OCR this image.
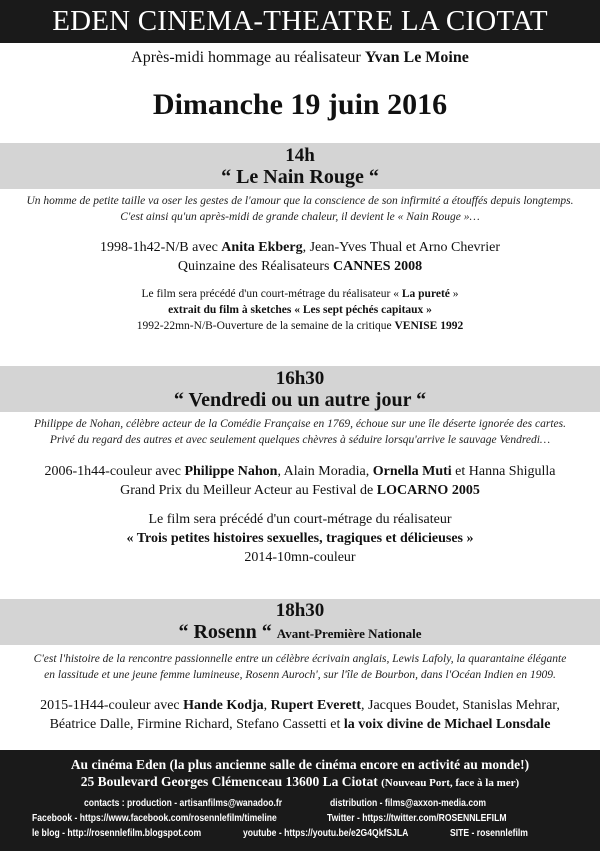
EDEN CINEMA-THEATRE LA CIOTAT
Après-midi hommage au réalisateur Yvan Le Moine
Dimanche 19 juin 2016
14h
“ Le Nain Rouge “
Un homme de petite taille va oser les gestes de l'amour que la conscience de son infirmité a étouffés depuis longtemps.
C'est ainsi qu'un après-midi de grande chaleur, il devient le « Nain Rouge »…
1998-1h42-N/B avec Anita Ekberg, Jean-Yves Thual et Arno Chevrier
Quinzaine des Réalisateurs CANNES 2008
Le film sera précédé d'un court-métrage du réalisateur « La pureté »
extrait du film à sketches « Les sept péchés capitaux »
1992-22mn-N/B-Ouverture de la semaine de la critique VENISE 1992
16h30
“ Vendredi ou un autre jour “
Philippe de Nohan, célèbre acteur de la Comédie Française en 1769, échoue sur une île déserte ignorée des cartes.
Privé du regard des autres et avec seulement quelques chèvres à séduire lorsqu'arrive le sauvage Vendredi…
2006-1h44-couleur avec Philippe Nahon, Alain Moradia, Ornella Muti et Hanna Shigulla
Grand Prix du Meilleur Acteur au Festival de LOCARNO 2005
Le film sera précédé d'un court-métrage du réalisateur
« Trois petites histoires sexuelles, tragiques et délicieuses »
2014-10mn-couleur
18h30
“ Rosenn “ Avant-Première Nationale
C'est l'histoire de la rencontre passionnelle entre un célèbre écrivain anglais, Lewis Lafoly, la quarantaine élégante
en lassitude et une jeune femme lumineuse, Rosenn Auroch', sur l'île de Bourbon, dans l'Océan Indien en 1909.
2015-1H44-couleur avec Hande Kodja, Rupert Everett, Jacques Boudet, Stanislas Mehrar,
Béatrice Dalle, Firmine Richard, Stefano Cassetti et la voix divine de Michael Lonsdale
Au cinéma Eden (la plus ancienne salle de cinéma encore en activité au monde!)
25 Boulevard Georges Clémenceau 13600 La Ciotat (Nouveau Port, face à la mer)
contacts : production - artisanfilms@wanadoo.fr	distribution - films@axxon-media.com
Facebook - https://www.facebook.com/rosennlefilm/timeline	Twitter - https://twitter.com/ROSENNLEFILM
le blog - http://rosennlefilm.blogspot.com	youtube - https://youtu.be/e2G4QkfSJLA	SITE - rosennlefilm
